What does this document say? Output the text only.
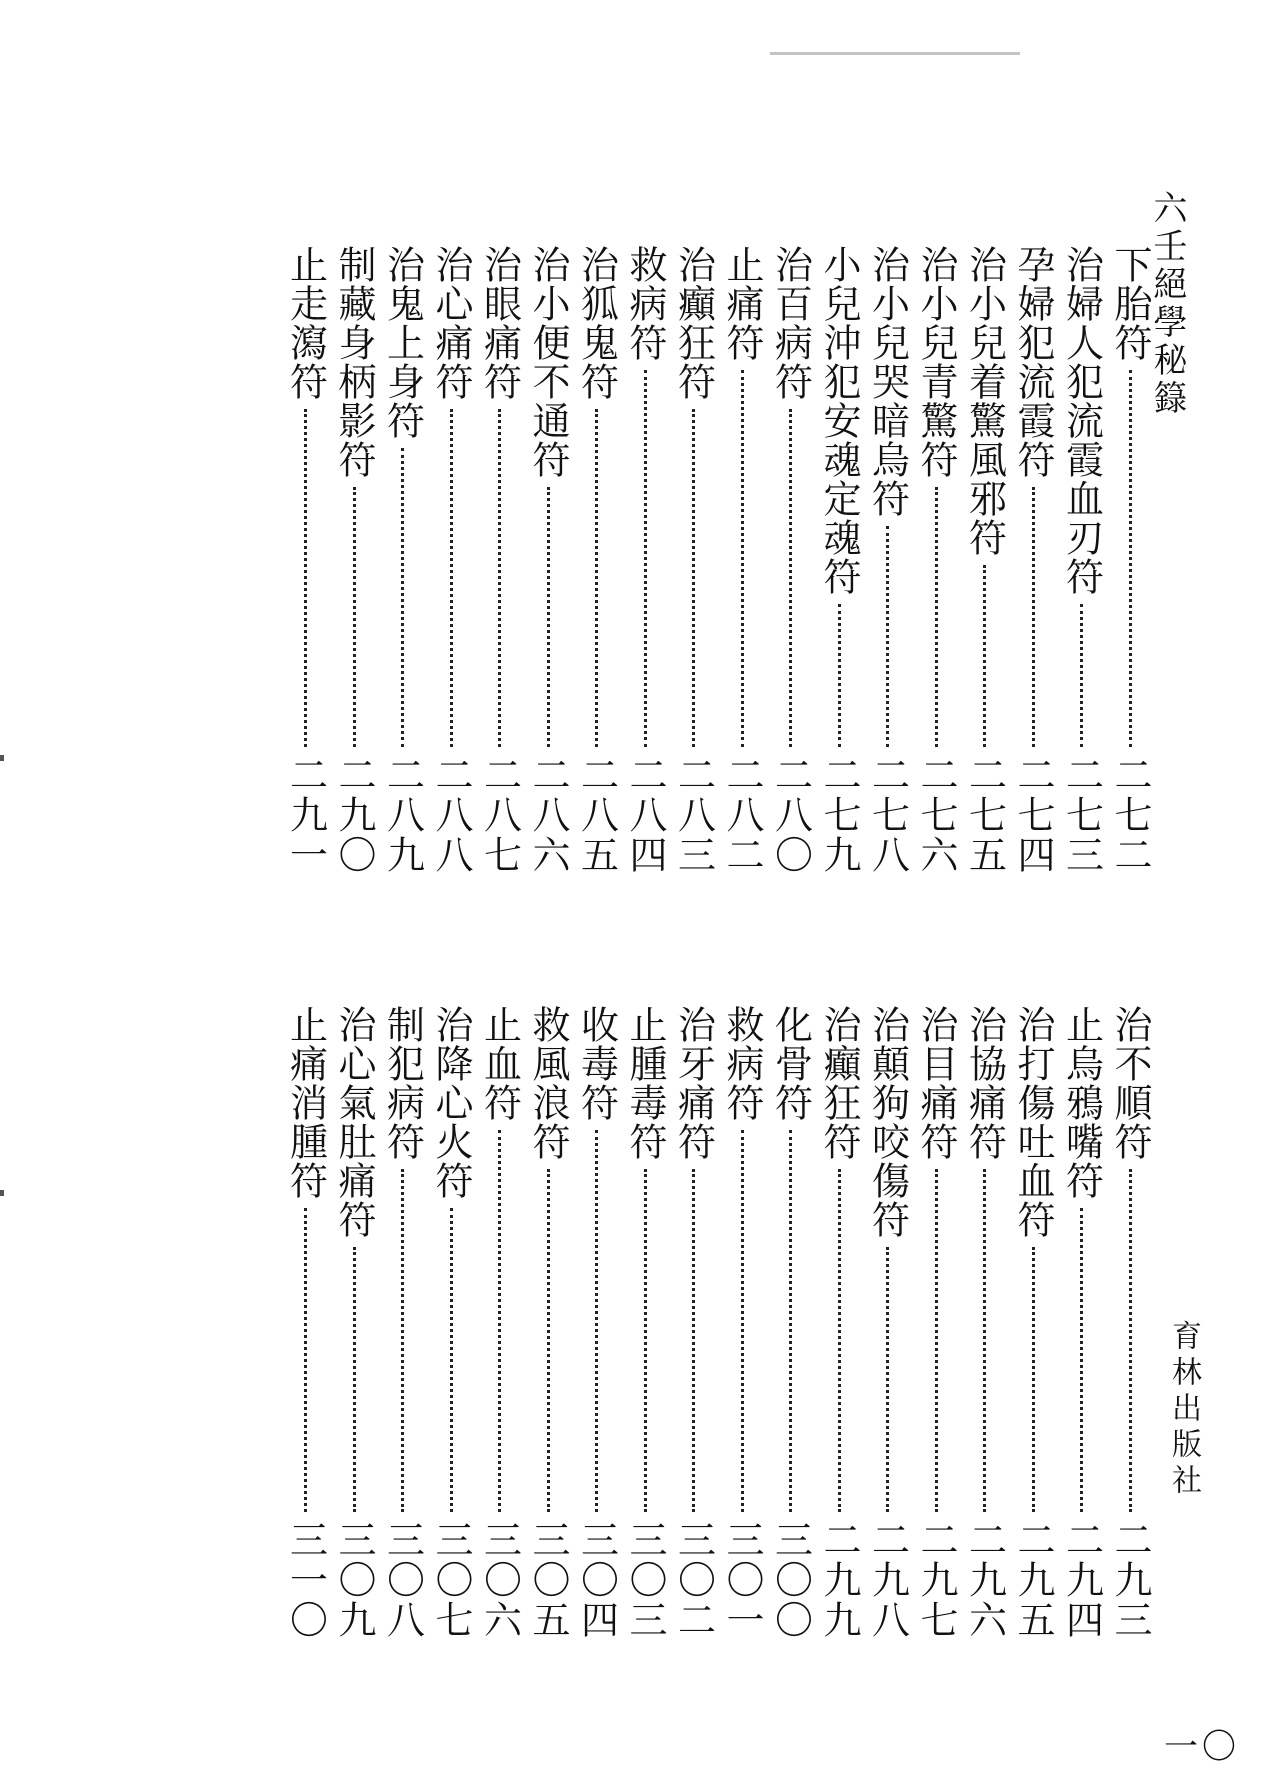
六壬絕學秘籙
下胎符
二七二
治婦人犯流霞血刃符
二七三
孕婦犯流霞符
二七四
治小兒着驚風邪符
二七五
治小兒青驚符
二七六
治小兒哭暗烏符
二七八
小兒沖犯安魂定魂符
二七九
治百病符
二八〇
止痛符
二八二
治癲狂符
二八三
救病符
二八四
治狐鬼符
二八五
治小便不通符
二八六
治眼痛符
二八七
治心痛符
二八八
治鬼上身符
二八九
制藏身柄影符
二九〇
止走瀉符
二九一
治不順符
二九三
止烏鴉嘴符
二九四
治打傷吐血符
二九五
治協痛符
二九六
治目痛符
二九七
治顛狗咬傷符
二九八
治癲狂符
二九九
化骨符
三〇〇
救病符
三〇一
治牙痛符
三〇二
止腫毒符
三〇三
收毒符
三〇四
救風浪符
三〇五
止血符
三〇六
治降心火符
三〇七
制犯病符
三〇八
治心氣肚痛符
三〇九
止痛消腫符
三一〇
育林出版社
一〇
